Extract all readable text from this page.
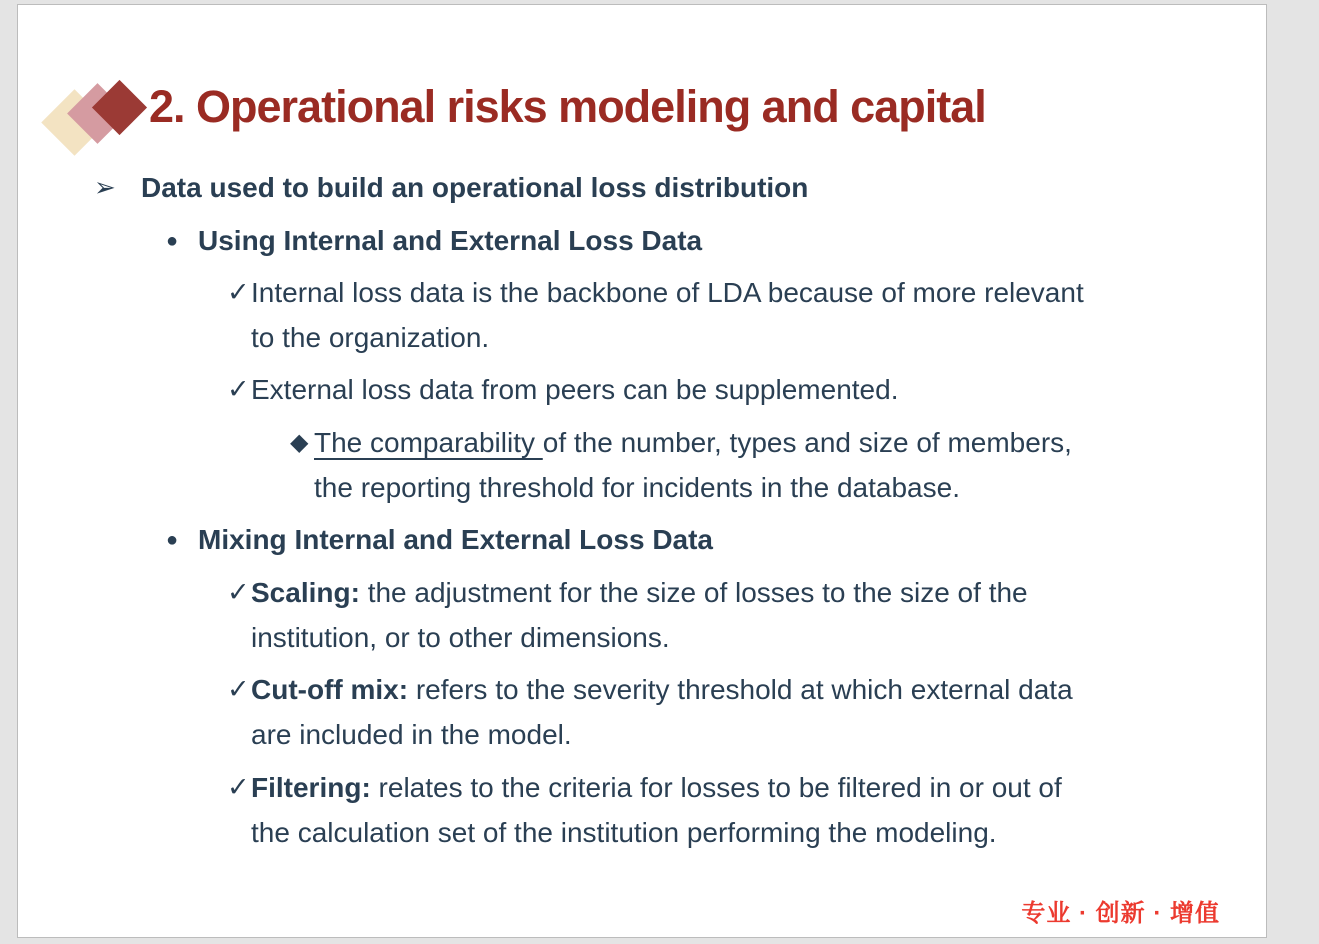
2. Operational risks modeling and capital
➢ Data used to build an operational loss distribution
● Using Internal and External Loss Data
✓ Internal loss data is the backbone of LDA because of more relevant
to the organization.
✓ External loss data from peers can be supplemented.
◆ The comparability of the number, types and size of members,
the reporting threshold for incidents in the database.
● Mixing Internal and External Loss Data
✓ Scaling: the adjustment for the size of losses to the size of the
institution, or to other dimensions.
✓ Cut-off mix: refers to the severity threshold at which external data
are included in the model.
✓ Filtering: relates to the criteria for losses to be filtered in or out of
the calculation set of the institution performing the modeling.
专业 · 创新 · 增值
